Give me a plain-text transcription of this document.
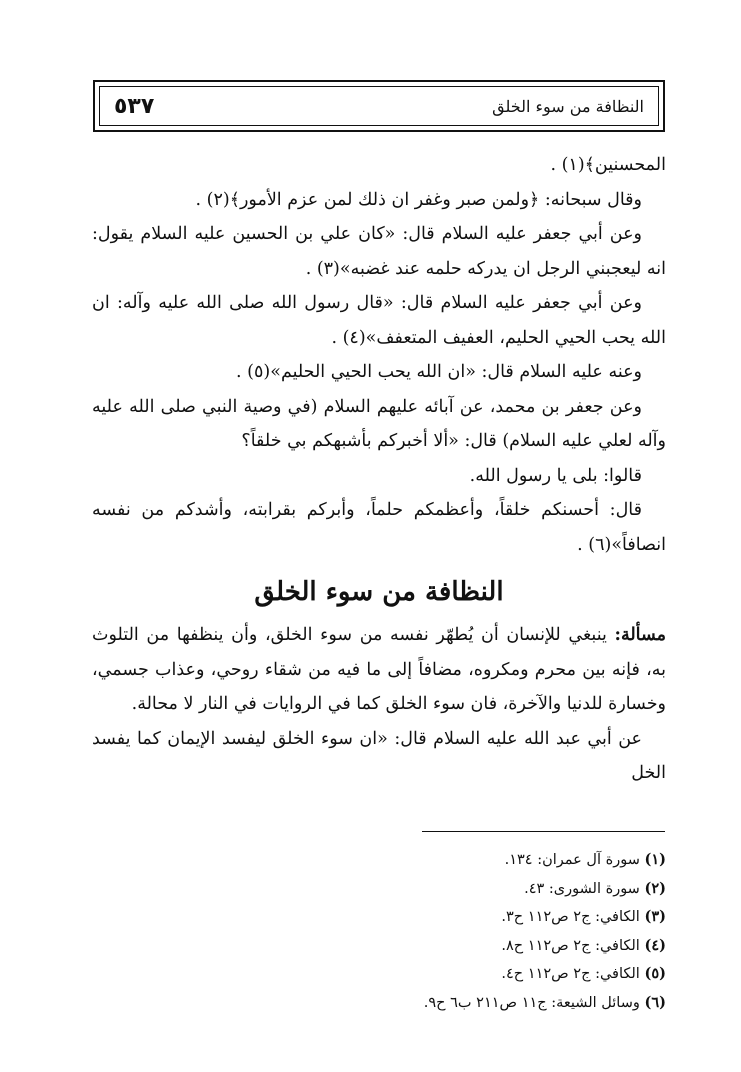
٥٣٧	النظافة من سوء الخلق

المحسنين﴾(١) .

وقال سبحانه: ﴿ولمن صبر وغفر ان ذلك لمن عزم الأمور﴾(٢) .

وعن أبي جعفر عليه السلام قال: «كان علي بن الحسين عليه السلام يقول: انه ليعجبني الرجل ان يدركه حلمه عند غضبه»(٣) .

وعن أبي جعفر عليه السلام قال: «قال رسول الله صلى الله عليه وآله: ان الله يحب الحيي الحليم، العفيف المتعفف»(٤) .

وعنه عليه السلام قال: «ان الله يحب الحيي الحليم»(٥) .

وعن جعفر بن محمد، عن آبائه عليهم السلام (في وصية النبي صلى الله عليه وآله لعلي عليه السلام) قال: «ألا أخبركم بأشبهكم بي خلقاً؟

قالوا: بلى يا رسول الله.

قال: أحسنكم خلقاً، وأعظمكم حلماً، وأبركم بقرابته، وأشدكم من نفسه انصافاً»(٦) .

النظافة من سوء الخلق

مسألة: ينبغي للإنسان أن يُطهّر نفسه من سوء الخلق، وأن ينظفها من التلوث به، فإنه بين محرم ومكروه، مضافاً إلى ما فيه من شقاء روحي، وعذاب جسمي، وخسارة للدنيا والآخرة، فان سوء الخلق كما في الروايات في النار لا محالة.

عن أبي عبد الله عليه السلام قال: «ان سوء الخلق ليفسد الإيمان كما يفسد الخل

(١) سورة آل عمران: ١٣٤.

(٢) سورة الشورى: ٤٣.

(٣) الكافي: ج٢ ص١١٢ ح٣.

(٤) الكافي: ج٢ ص١١٢ ح٨.

(٥) الكافي: ج٢ ص١١٢ ح٤.

(٦) وسائل الشيعة: ج١١ ص٢١١ ب٦ ح٩.
